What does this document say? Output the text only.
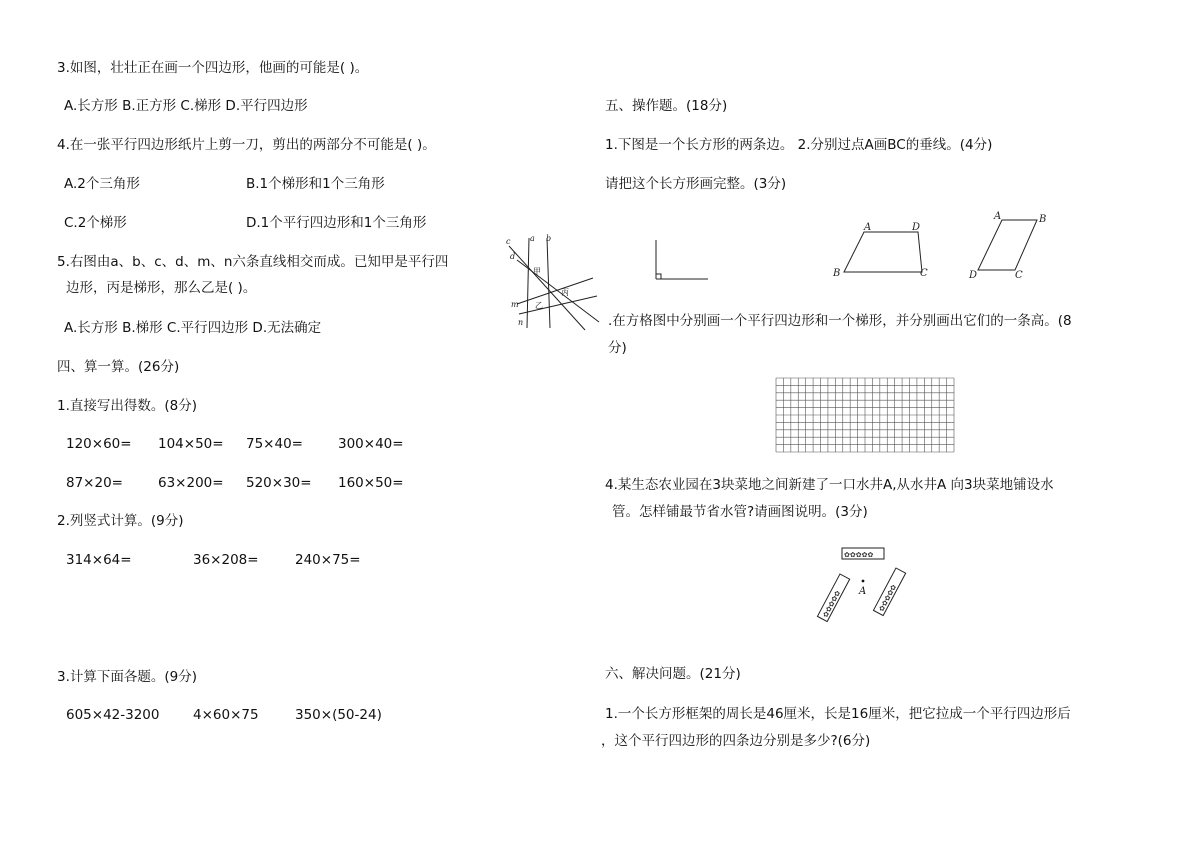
3.如图，壮壮正在画一个四边形，他画的可能是( )。
A.长方形 B.正方形 C.梯形 D.平行四边形
4.在一张平行四边形纸片上剪一刀，剪出的两部分不可能是( )。
A.2个三角形	B.1个梯形和1个三角形
C.2个梯形	D.1个平行四边形和1个三角形
5.右图由a、b、c、d、m、n六条直线相交而成。已知甲是平行四
边形，丙是梯形，那么乙是( )。
A.长方形 B.梯形 C.平行四边形 D.无法确定
a b
c
d
m
n
甲
乙
丙
四、算一算。(26分)
1.直接写出得数。(8分)
120×60= 104×50= 75×40=	300×40=
87×20=	63×200= 520×30= 160×50=
2.列竖式计算。(9分)
314×64=	36×208=	240×75=
3.计算下面各题。(9分)
605×42-3200 4×60×75	350×(50-24)
五、操作题。(18分)
1.下图是一个长方形的两条边。 2.分别过点A画BC的垂线。(4分)
请把这个长方形画完整。(3分)
A	D
B	C
A	B
C
D
.在方格图中分别画一个平行四边形和一个梯形，并分别画出它们的一条高。(8
分)
4.某生态农业园在3块菜地之间新建了一口水井A,从水井A 向3块菜地铺设水
管。怎样铺最节省水管?请画图说明。(3分)
✿✿✿✿✿
✿✿✿✿✿	✿✿✿✿✿
A
六、解决问题。(21分)
1.一个长方形框架的周长是46厘米，长是16厘米，把它拉成一个平行四边形后
，这个平行四边形的四条边分别是多少?(6分)
